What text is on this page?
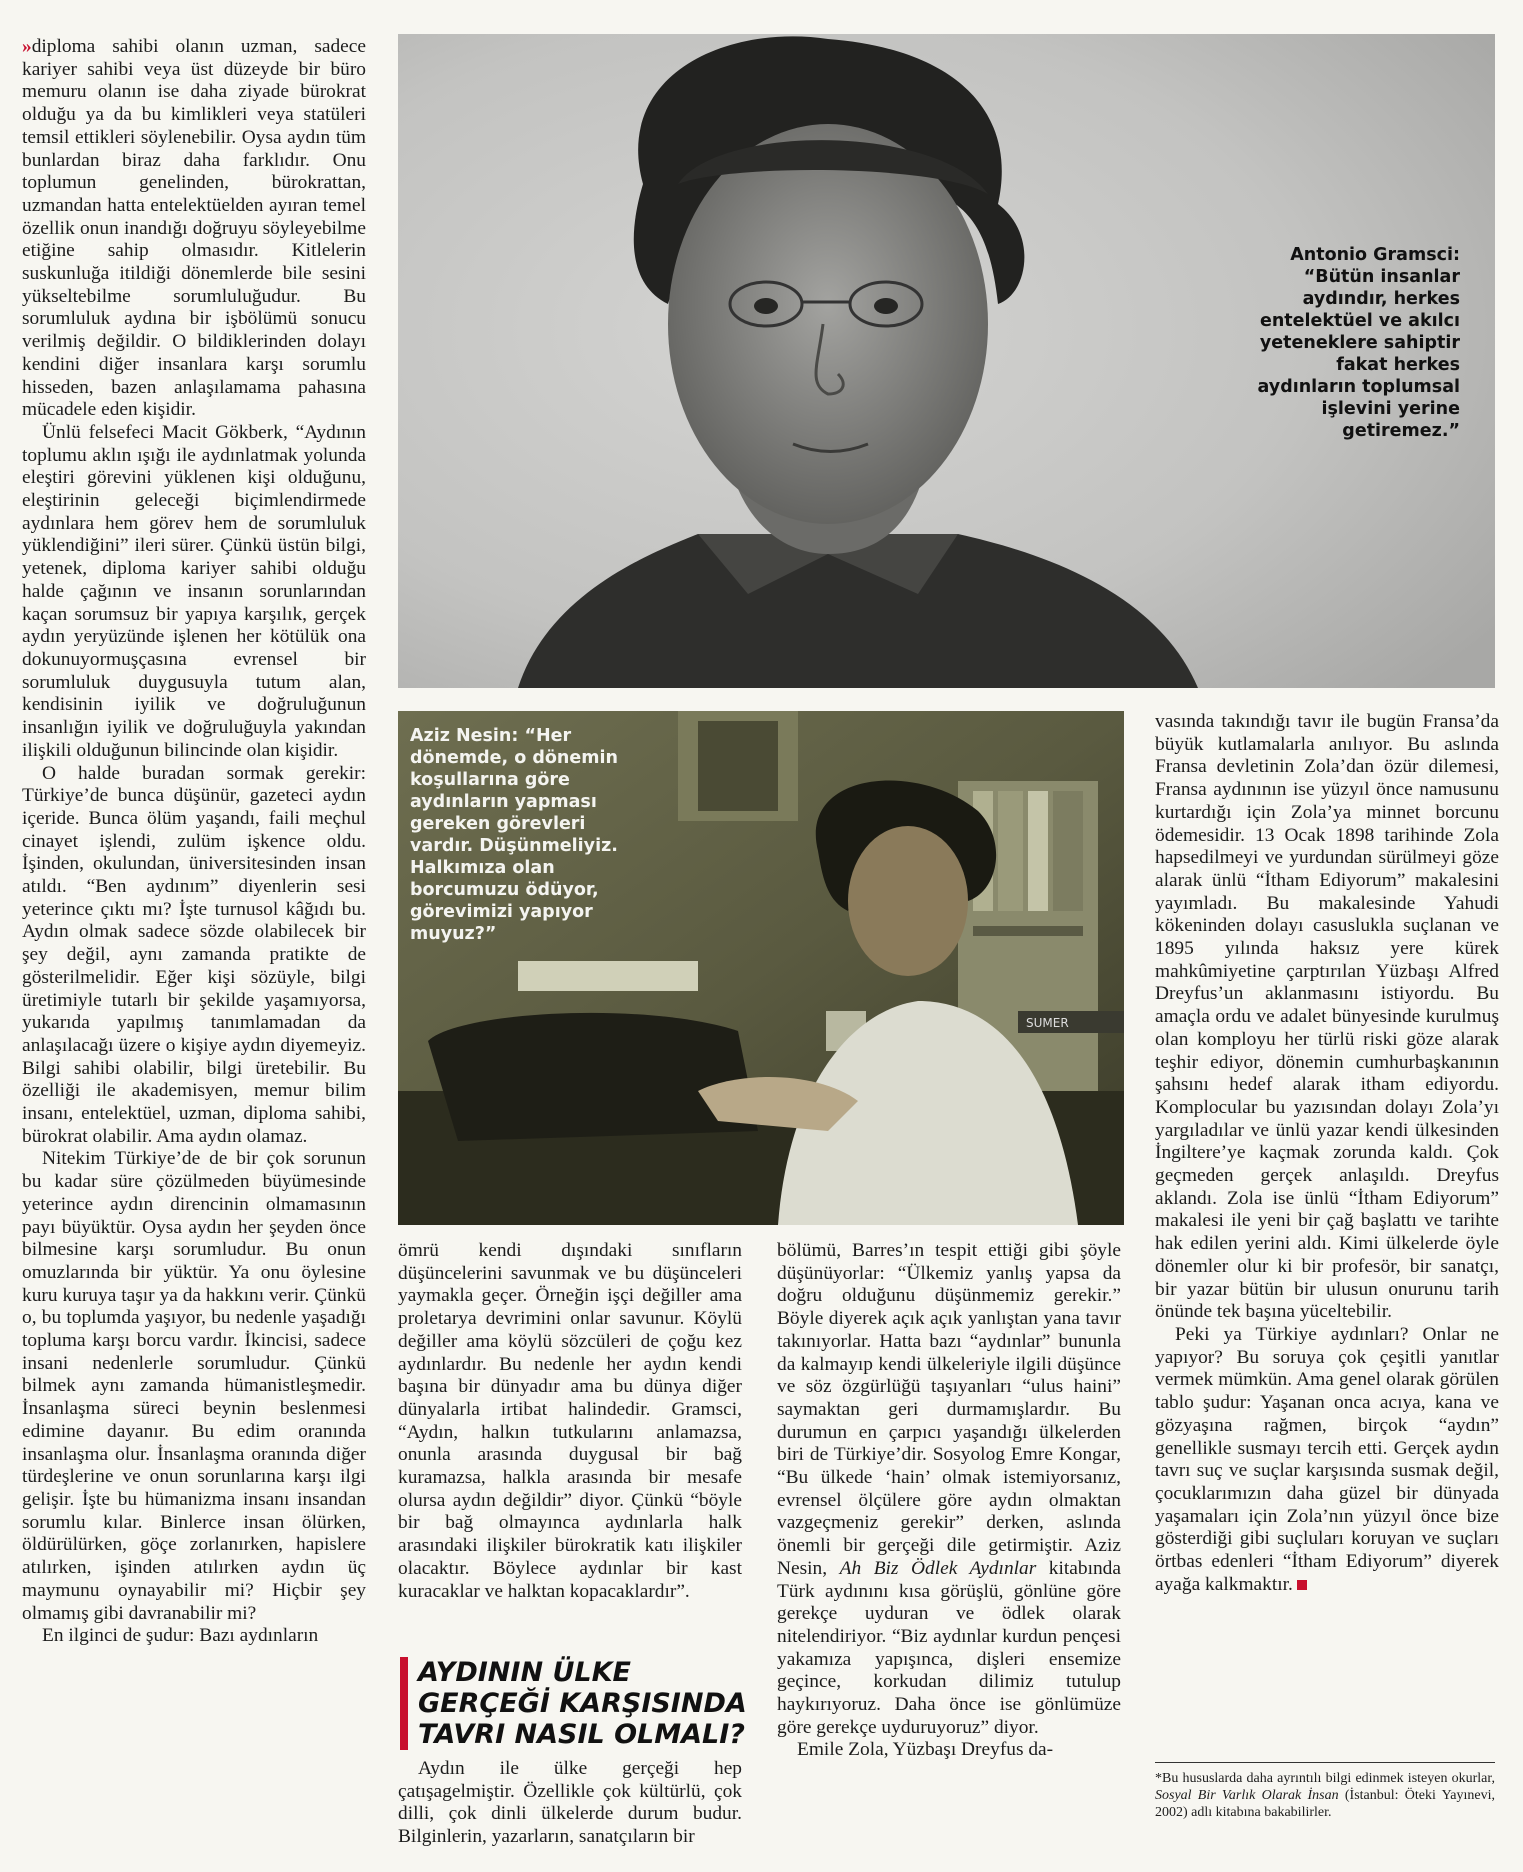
»diploma sahibi olanın uzman, sadece kariyer sahibi veya üst düzeyde bir büro memuru olanın ise daha ziyade bürokrat olduğu ya da bu kimlikleri veya statüleri temsil ettikleri söylenebilir. Oysa aydın tüm bunlardan biraz daha farklıdır. Onu toplumun genelinden, bürokrattan, uzmandan hatta entelektüelden ayıran temel özellik onun inandığı doğruyu söyleyebilme etiğine sahip olmasıdır. Kitlelerin suskunluğa itildiği dönemlerde bile sesini yükseltebilme sorumluluğudur. Bu sorumluluk aydına bir işbölümü sonucu verilmiş değildir. O bildiklerinden dolayı kendini diğer insanlara karşı sorumlu hisseden, bazen anlaşılamama pahasına mücadele eden kişidir.

Ünlü felsefeci Macit Gökberk, “Aydının toplumu aklın ışığı ile aydınlatmak yolunda eleştiri görevini yüklenen kişi olduğunu, eleştirinin geleceği biçimlendirmede aydınlara hem görev hem de sorumluluk yüklendiğini” ileri sürer. Çünkü üstün bilgi, yetenek, diploma kariyer sahibi olduğu halde çağının ve insanın sorunlarından kaçan sorumsuz bir yapıya karşılık, gerçek aydın yeryüzünde işlenen her kötülük ona dokunuyormuşçasına evrensel bir sorumluluk duygusuyla tutum alan, kendisinin iyilik ve doğruluğunun insanlığın iyilik ve doğruluğuyla yakından ilişkili olduğunun bilincinde olan kişidir.

O halde buradan sormak gerekir: Türkiye’de bunca düşünür, gazeteci aydın içeride. Bunca ölüm yaşandı, faili meçhul cinayet işlendi, zulüm işkence oldu. İşinden, okulundan, üniversitesinden insan atıldı. “Ben aydınım” diyenlerin sesi yeterince çıktı mı? İşte turnusol kâğıdı bu. Aydın olmak sadece sözde olabilecek bir şey değil, aynı zamanda pratikte de gösterilmelidir. Eğer kişi sözüyle, bilgi üretimiyle tutarlı bir şekilde yaşamıyorsa, yukarıda yapılmış tanımlamadan da anlaşılacağı üzere o kişiye aydın diyemeyiz. Bilgi sahibi olabilir, bilgi üretebilir. Bu özelliği ile akademisyen, memur bilim insanı, entelektüel, uzman, diploma sahibi, bürokrat olabilir. Ama aydın olamaz.

Nitekim Türkiye’de de bir çok sorunun bu kadar süre çözülmeden büyümesinde yeterince aydın direncinin olmamasının payı büyüktür. Oysa aydın her şeyden önce bilmesine karşı sorumludur. Bu onun omuzlarında bir yüktür. Ya onu öylesine kuru kuruya taşır ya da hakkını verir. Çünkü o, bu toplumda yaşıyor, bu nedenle yaşadığı topluma karşı borcu vardır. İkincisi, sadece insani nedenlerle sorumludur. Çünkü bilmek aynı zamanda hümanistleşmedir. İnsanlaşma süreci beynin beslenmesi edimine dayanır. Bu edim oranında insanlaşma olur. İnsanlaşma oranında diğer türdeşlerine ve onun sorunlarına karşı ilgi gelişir. İşte bu hümanizma insanı insandan sorumlu kılar. Binlerce insan ölürken, öldürülürken, göçe zorlanırken, hapislere atılırken, işinden atılırken aydın üç maymunu oynayabilir mi? Hiçbir şey olmamış gibi davranabilir mi?

En ilginci de şudur: Bazı aydınların

Antonio Gramsci: “Bütün insanlar aydındır, herkes entelektüel ve akılcı yeteneklere sahiptir fakat herkes aydınların toplumsal işlevini yerine getiremez.”
SUMER
Aziz Nesin: “Her dönemde, o dönemin koşullarına göre aydınların yapması gereken görevleri vardır. Düşünmeliyiz. Halkımıza olan borcumuzu ödüyor, görevimizi yapıyor muyuz?”

ömrü kendi dışındaki sınıfların düşüncelerini savunmak ve bu düşünceleri yaymakla geçer. Örneğin işçi değiller ama proletarya devrimini onlar savunur. Köylü değiller ama köylü sözcüleri de çoğu kez aydınlardır. Bu nedenle her aydın kendi başına bir dünyadır ama bu dünya diğer dünyalarla irtibat halindedir. Gramsci, “Aydın, halkın tutkularını anlamazsa, onunla arasında duygusal bir bağ kuramazsa, halkla arasında bir mesafe olursa aydın değildir” diyor. Çünkü “böyle bir bağ olmayınca aydınlarla halk arasındaki ilişkiler bürokratik katı ilişkiler olacaktır. Böylece aydınlar bir kast kuracaklar ve halktan kopacaklardır”.

AYDININ ÜLKE GERÇEĞİ KARŞISINDA TAVRI NASIL OLMALI?

Aydın ile ülke gerçeği hep çatışagelmiştir. Özellikle çok kültürlü, çok dilli, çok dinli ülkelerde durum budur. Bilginlerin, yazarların, sanatçıların bir

bölümü, Barres’ın tespit ettiği gibi şöyle düşünüyorlar: “Ülkemiz yanlış yapsa da doğru olduğunu düşünmemiz gerekir.” Böyle diyerek açık açık yanlıştan yana tavır takınıyorlar. Hatta bazı “aydınlar” bununla da kalmayıp kendi ülkeleriyle ilgili düşünce ve söz özgürlüğü taşıyanları “ulus haini” saymaktan geri durmamışlardır. Bu durumun en çarpıcı yaşandığı ülkelerden biri de Türkiye’dir. Sosyolog Emre Kongar, “Bu ülkede ‘hain’ olmak istemiyorsanız, evrensel ölçülere göre aydın olmaktan vazgeçmeniz gerekir” derken, aslında önemli bir gerçeği dile getirmiştir. Aziz Nesin, Ah Biz Ödlek Aydınlar kitabında Türk aydınını kısa görüşlü, gönlüne göre gerekçe uyduran ve ödlek olarak nitelendiriyor. “Biz aydınlar kurdun pençesi yakamıza yapışınca, dişleri ensemize geçince, korkudan dilimiz tutulup haykırıyoruz. Daha önce ise gönlümüze göre gerekçe uyduruyoruz” diyor.

Emile Zola, Yüzbaşı Dreyfus da-

vasında takındığı tavır ile bugün Fransa’da büyük kutlamalarla anılıyor. Bu aslında Fransa devletinin Zola’dan özür dilemesi, Fransa aydınının ise yüzyıl önce namusunu kurtardığı için Zola’ya minnet borcunu ödemesidir. 13 Ocak 1898 tarihinde Zola hapsedilmeyi ve yurdundan sürülmeyi göze alarak ünlü “İtham Ediyorum” makalesini yayımladı. Bu makalesinde Yahudi kökeninden dolayı casuslukla suçlanan ve 1895 yılında haksız yere kürek mahkûmiyetine çarptırılan Yüzbaşı Alfred Dreyfus’un aklanmasını istiyordu. Bu amaçla ordu ve adalet bünyesinde kurulmuş olan komployu her türlü riski göze alarak teşhir ediyor, dönemin cumhurbaşkanının şahsını hedef alarak itham ediyordu. Komplocular bu yazısından dolayı Zola’yı yargıladılar ve ünlü yazar kendi ülkesinden İngiltere’ye kaçmak zorunda kaldı. Çok geçmeden gerçek anlaşıldı. Dreyfus aklandı. Zola ise ünlü “İtham Ediyorum” makalesi ile yeni bir çağ başlattı ve tarihte hak edilen yerini aldı. Kimi ülkelerde öyle dönemler olur ki bir profesör, bir sanatçı, bir yazar bütün bir ulusun onurunu tarih önünde tek başına yüceltebilir.

Peki ya Türkiye aydınları? Onlar ne yapıyor? Bu soruya çok çeşitli yanıtlar vermek mümkün. Ama genel olarak görülen tablo şudur: Yaşanan onca acıya, kana ve gözyaşına rağmen, birçok “aydın” genellikle susmayı tercih etti. Gerçek aydın tavrı suç ve suçlar karşısında susmak değil, çocuklarımızın daha güzel bir dünyada yaşamaları için Zola’nın yüzyıl önce bize gösterdiği gibi suçluları koruyan ve suçları örtbas edenleri “İtham Ediyorum” diyerek ayağa kalkmaktır.

*Bu hususlarda daha ayrıntılı bilgi edinmek isteyen okurlar, Sosyal Bir Varlık Olarak İnsan (İstanbul: Öteki Yayınevi, 2002) adlı kitabına bakabilirler.
